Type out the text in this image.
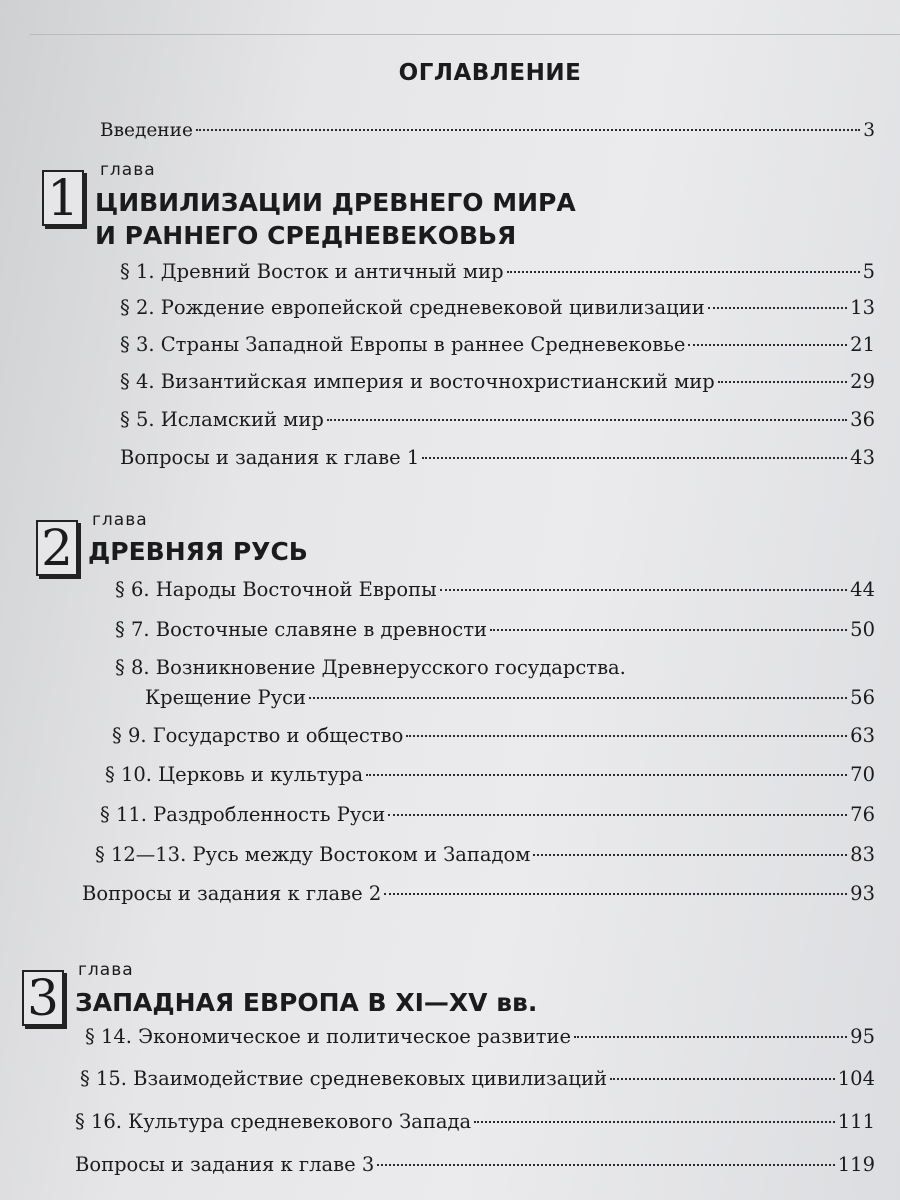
ОГЛАВЛЕНИЕ
Введение	3
1 глава
ЦИВИЛИЗАЦИИ ДРЕВНЕГО МИРА
И РАННЕГО СРЕДНЕВЕКОВЬЯ
§ 1. Древний Восток и античный мир	5
§ 2. Рождение европейской средневековой цивилизации	13
§ 3. Страны Западной Европы в раннее Средневековье	21
§ 4. Византийская империя и восточнохристианский мир	29
§ 5. Исламский мир	36
Вопросы и задания к главе 1	43
2 глава
ДРЕВНЯЯ РУСЬ
§ 6. Народы Восточной Европы	44
§ 7. Восточные славяне в древности	50
§ 8. Возникновение Древнерусского государства.
Крещение Руси	56
§ 9. Государство и общество	63
§ 10. Церковь и культура	70
§ 11. Раздробленность Руси	76
§ 12—13. Русь между Востоком и Западом	83
Вопросы и задания к главе 2	93
3 глава
ЗАПАДНАЯ ЕВРОПА В XI—XV вв.
§ 14. Экономическое и политическое развитие	95
§ 15. Взаимодействие средневековых цивилизаций	104
§ 16. Культура средневекового Запада	111
Вопросы и задания к главе 3	119
